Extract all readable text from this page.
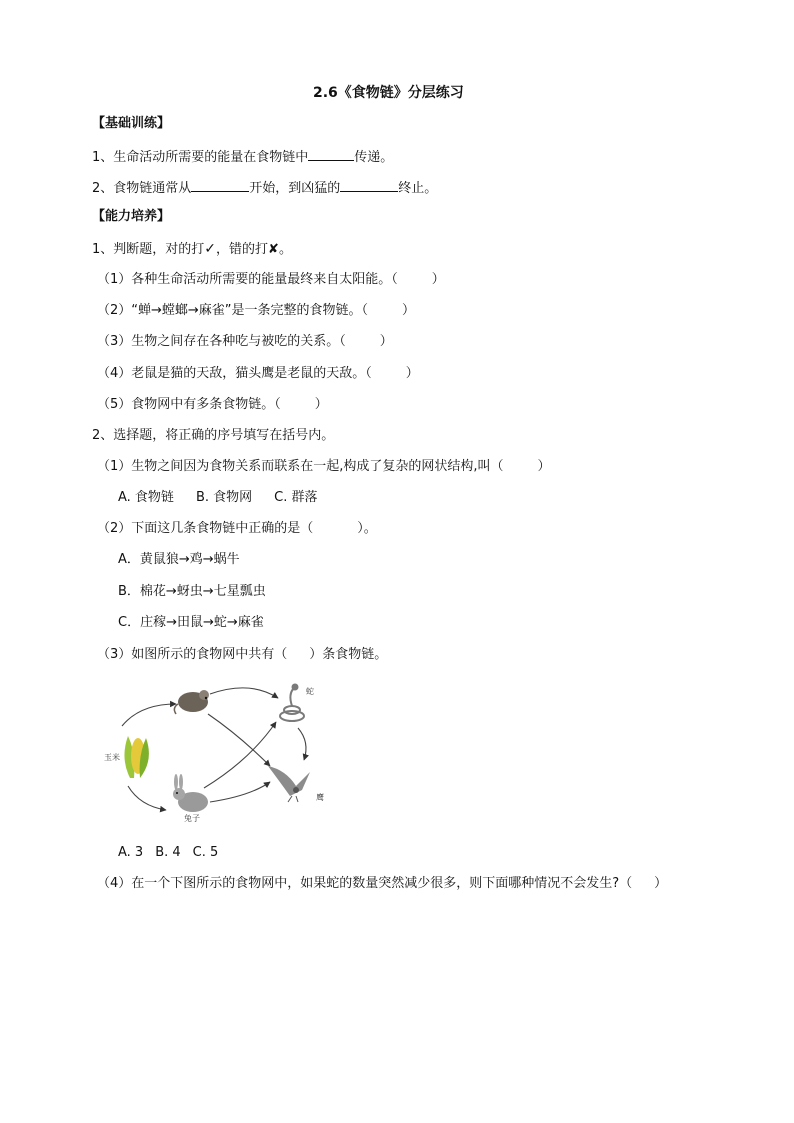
2.6《食物链》分层练习
【基础训练】
1、生命活动所需要的能量在食物链中	传递。
2、食物链通常从	开始，到凶猛的	终止。
【能力培养】
1、判断题，对的打✓，错的打✘。
（1）各种生命活动所需要的能量最终来自太阳能。（	）
（2）“蝉→螳螂→麻雀”是一条完整的食物链。（	）
（3）生物之间存在各种吃与被吃的关系。（	）
（4）老鼠是猫的天敌，猫头鹰是老鼠的天敌。（	）
（5）食物网中有多条食物链。（	）
2、选择题，将正确的序号填写在括号内。
（1）生物之间因为食物关系而联系在一起,构成了复杂的网状结构,叫（	）
A. 食物链 B. 食物网 C. 群落
（2）下面这几条食物链中正确的是（	）。
A．黄鼠狼→鸡→蜗牛
B．棉花→蚜虫→七星瓢虫
C．庄稼→田鼠→蛇→麻雀
（3）如图所示的食物网中共有（ ）条食物链。
蛇
玉米
兔子
鹰
A. 3 B. 4 C. 5
（4）在一个下图所示的食物网中，如果蛇的数量突然减少很多，则下面哪种情况不会发生?（ ）
